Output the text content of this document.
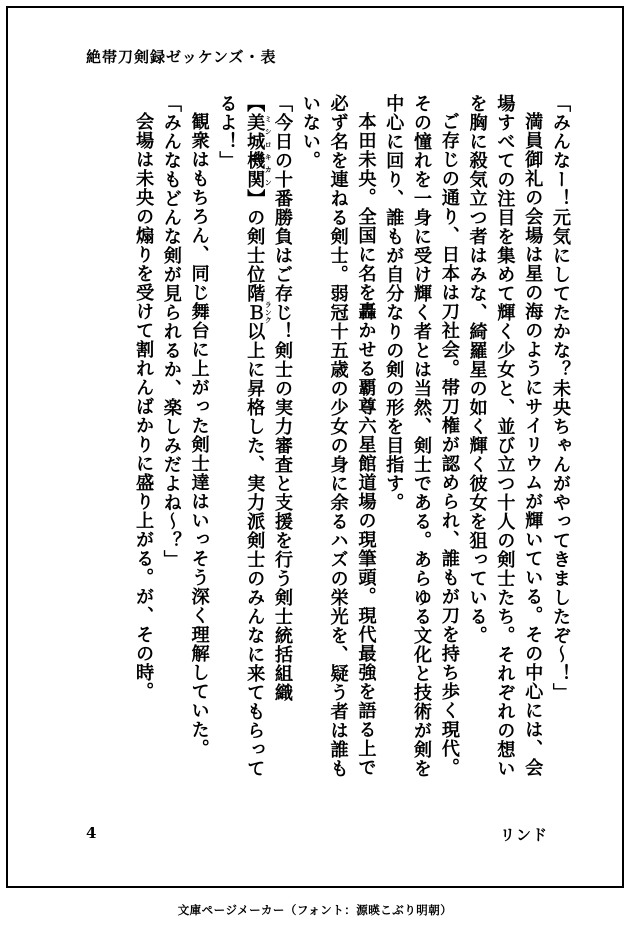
絶帯刀剣録ゼッケンズ・表

「みんなー！元気にしてたかな？未央ちゃんがやってきましたぞ〜！」

満員御礼の会場は星の海のようにサイリウムが輝いている。その中心には、会場すべての注目を集めて輝く少女と、並び立つ十人の剣士たち。それぞれの想いを胸に殺気立つ者はみな、綺羅星の如く輝く彼女を狙っている。

ご存じの通り、日本は刀社会。帯刀権が認められ、誰もが刀を持ち歩く現代。その憧れを一身に受け輝く者とは当然、剣士である。あらゆる文化と技術が剣を中心に回り、誰もが自分なりの剣の形を目指す。

本田未央。全国に名を轟かせる覇尊六星館道場の現筆頭。現代最強を語る上で必ず名を連ねる剣士。弱冠十五歳の少女の身に余るハズの栄光を、疑う者は誰もいない。

「今日の十番勝負はご存じ！剣士の実力審査と支援を行う剣士統括組織【美城機関 ミシロキカン】の剣士位階Ｂ ランク以上に昇格した、実力派剣士のみんなに来てもらってるよ！」

観衆はもちろん、同じ舞台に上がった剣士達はいっそう深く理解していた。

「みんなもどんな剣が見られるか、楽しみだよね〜？」

会場は未央の煽りを受けて割れんばかりに盛り上がる。が、その時。

4	リンド
文庫ページメーカー（フォント：源暎こぶり明朝）
